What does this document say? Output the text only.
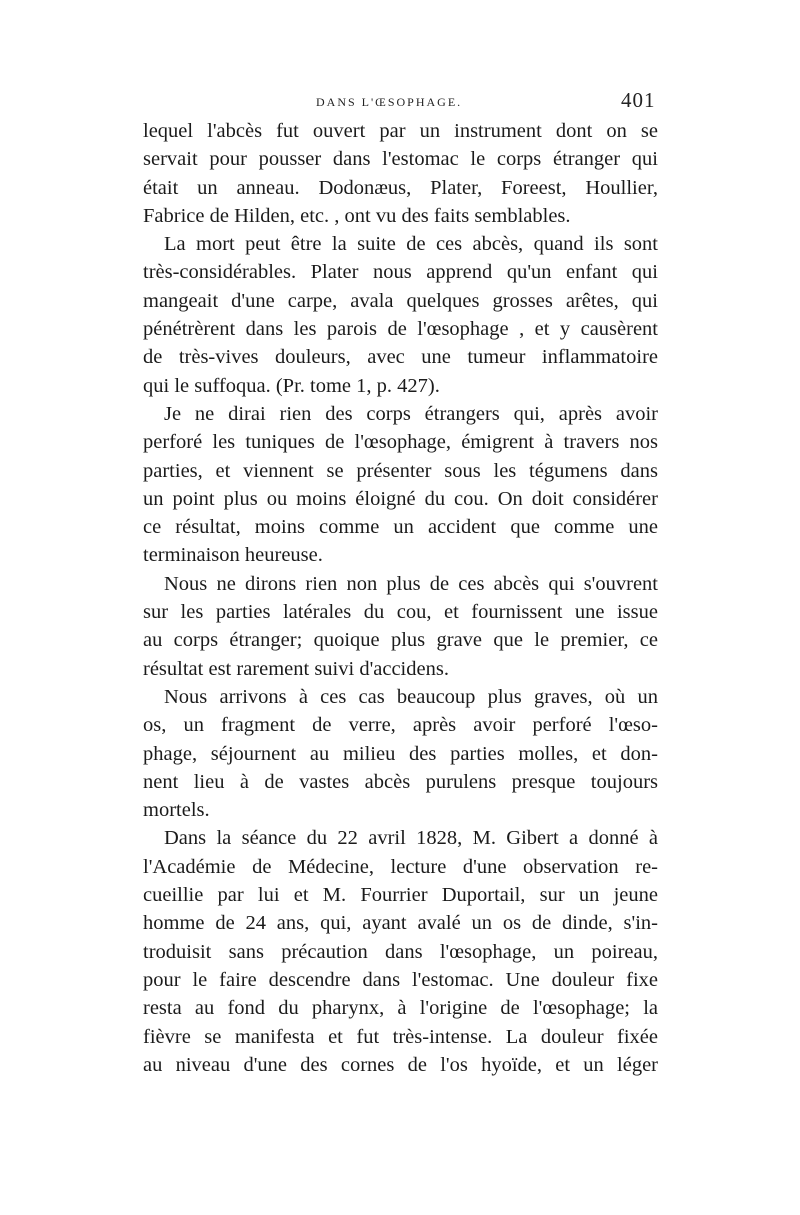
DANS L'ŒSOPHAGE.	401
lequel l'abcès fut ouvert par un instrument dont on se
servait pour pousser dans l'estomac le corps étranger qui
était un anneau. Dodonæus, Plater, Foreest, Houllier,
Fabrice de Hilden, etc. , ont vu des faits semblables.
La mort peut être la suite de ces abcès, quand ils sont
très-considérables. Plater nous apprend qu'un enfant qui
mangeait d'une carpe, avala quelques grosses arêtes, qui
pénétrèrent dans les parois de l'œsophage , et y causèrent
de très-vives douleurs, avec une tumeur inflammatoire
qui le suffoqua. (Pr. tome 1, p. 427).
Je ne dirai rien des corps étrangers qui, après avoir
perforé les tuniques de l'œsophage, émigrent à travers nos
parties, et viennent se présenter sous les tégumens dans
un point plus ou moins éloigné du cou. On doit considérer
ce résultat, moins comme un accident que comme une
terminaison heureuse.
Nous ne dirons rien non plus de ces abcès qui s'ouvrent
sur les parties latérales du cou, et fournissent une issue
au corps étranger; quoique plus grave que le premier, ce
résultat est rarement suivi d'accidens.
Nous arrivons à ces cas beaucoup plus graves, où un
os, un fragment de verre, après avoir perforé l'œso-
phage, séjournent au milieu des parties molles, et don-
nent lieu à de vastes abcès purulens presque toujours
mortels.
Dans la séance du 22 avril 1828, M. Gibert a donné à
l'Académie de Médecine, lecture d'une observation re-
cueillie par lui et M. Fourrier Duportail, sur un jeune
homme de 24 ans, qui, ayant avalé un os de dinde, s'in-
troduisit sans précaution dans l'œsophage, un poireau,
pour le faire descendre dans l'estomac. Une douleur fixe
resta au fond du pharynx, à l'origine de l'œsophage; la
fièvre se manifesta et fut très-intense. La douleur fixée
au niveau d'une des cornes de l'os hyoïde, et un léger
